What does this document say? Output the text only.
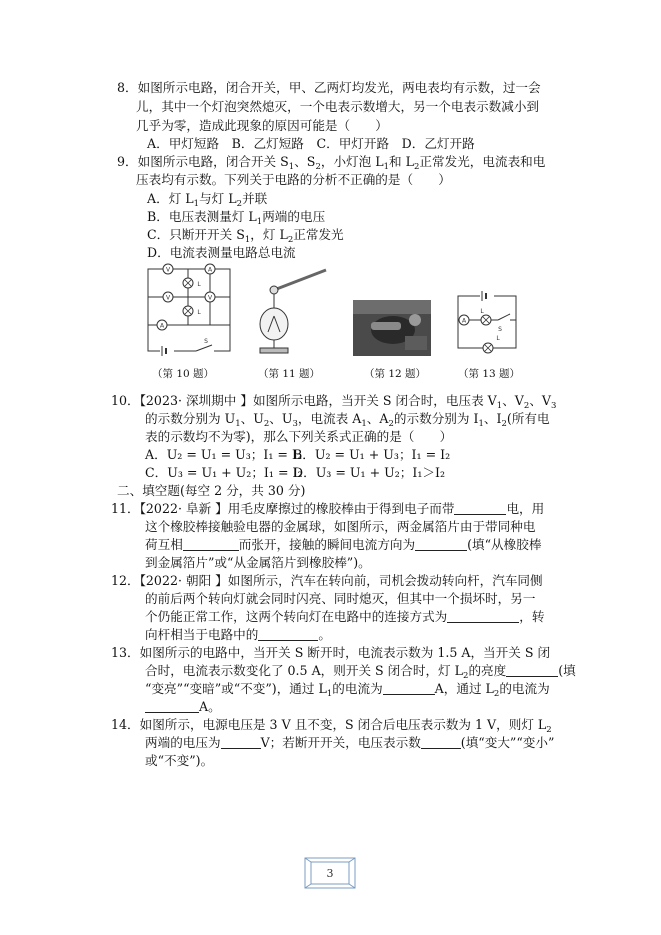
8．如图所示电路，闭合开关，甲、乙两灯均发光，两电表均有示数，过一会
儿，其中一个灯泡突然熄灭，一个电表示数增大，另一个电表示数减小到
几乎为零，造成此现象的原因可能是（　　）
A．甲灯短路　B．乙灯短路　C．甲灯开路　D．乙灯开路
9．如图所示电路，闭合开关 $S_1$、$S_2$，小灯泡 $L_1$和 $L_2$正常发光，电流表和电
压表均有示数。下列关于电路的分析不正确的是（　　）
A．灯 $L_1$与灯 $L_2$并联
B．电压表测量灯 $L_1$两端的电压
C．只断开开关 $S_1$，灯 $L_2$正常发光
D．电流表测量电路总电流
V	A
V	V
A
L
L
S
（第 10 题）	（第 11 题）	（第 12 题）
A
L
L
S
（第 13 题）
10．【2023· 深圳期中 】如图所示电路，当开关 S 闭合时，电压表 $V_1$、$V_2$、$V_3$
的示数分别为 $U_1$、$U_2$、$U_3$，电流表 $A_1$、$A_2$的示数分别为 $I_1$、$I_2$(所有电
表的示数均不为零)，那么下列关系式正确的是（　　）
A．U₂ = U₁ = U₃；I₁ = I₂
B．U₂ = U₁ + U₃；I₁ = I₂
C．U₃ = U₁ + U₂；I₁ = I₂
D．U₃ = U₁ + U₂；I₁＞I₂
二、填空题(每空 2 分，共 30 分)
11．【2022· 阜新 】用毛皮摩擦过的橡胶棒由于得到电子而带	电，用
这个橡胶棒接触验电器的金属球，如图所示，两金属箔片由于带同种电
荷互相	而张开，接触的瞬间电流方向为	(填“从橡胶棒
到金属箔片”或“从金属箔片到橡胶棒”)。
12．【2022· 朝阳 】如图所示，汽车在转向前，司机会拨动转向杆，汽车同侧
的前后两个转向灯就会同时闪亮、同时熄灭，但其中一个损坏时，另一
个仍能正常工作，这两个转向灯在电路中的连接方式为	，转
向杆相当于电路中的	。
13．如图所示的电路中，当开关 S 断开时，电流表示数为 1.5 A，当开关 S 闭
合时，电流表示数变化了 0.5 A，则开关 S 闭合时，灯 $L_2$的亮度	(填
“变亮”“变暗”或“不变”)，通过 $L_1$的电流为	A，通过 $L_2$的电流为
A。
14．如图所示，电源电压是 3 V 且不变，S 闭合后电压表示数为 1 V，则灯 $L_2$
两端的电压为	V；若断开开关，电压表示数	(填“变大”“变小”
或“不变”)。
3
